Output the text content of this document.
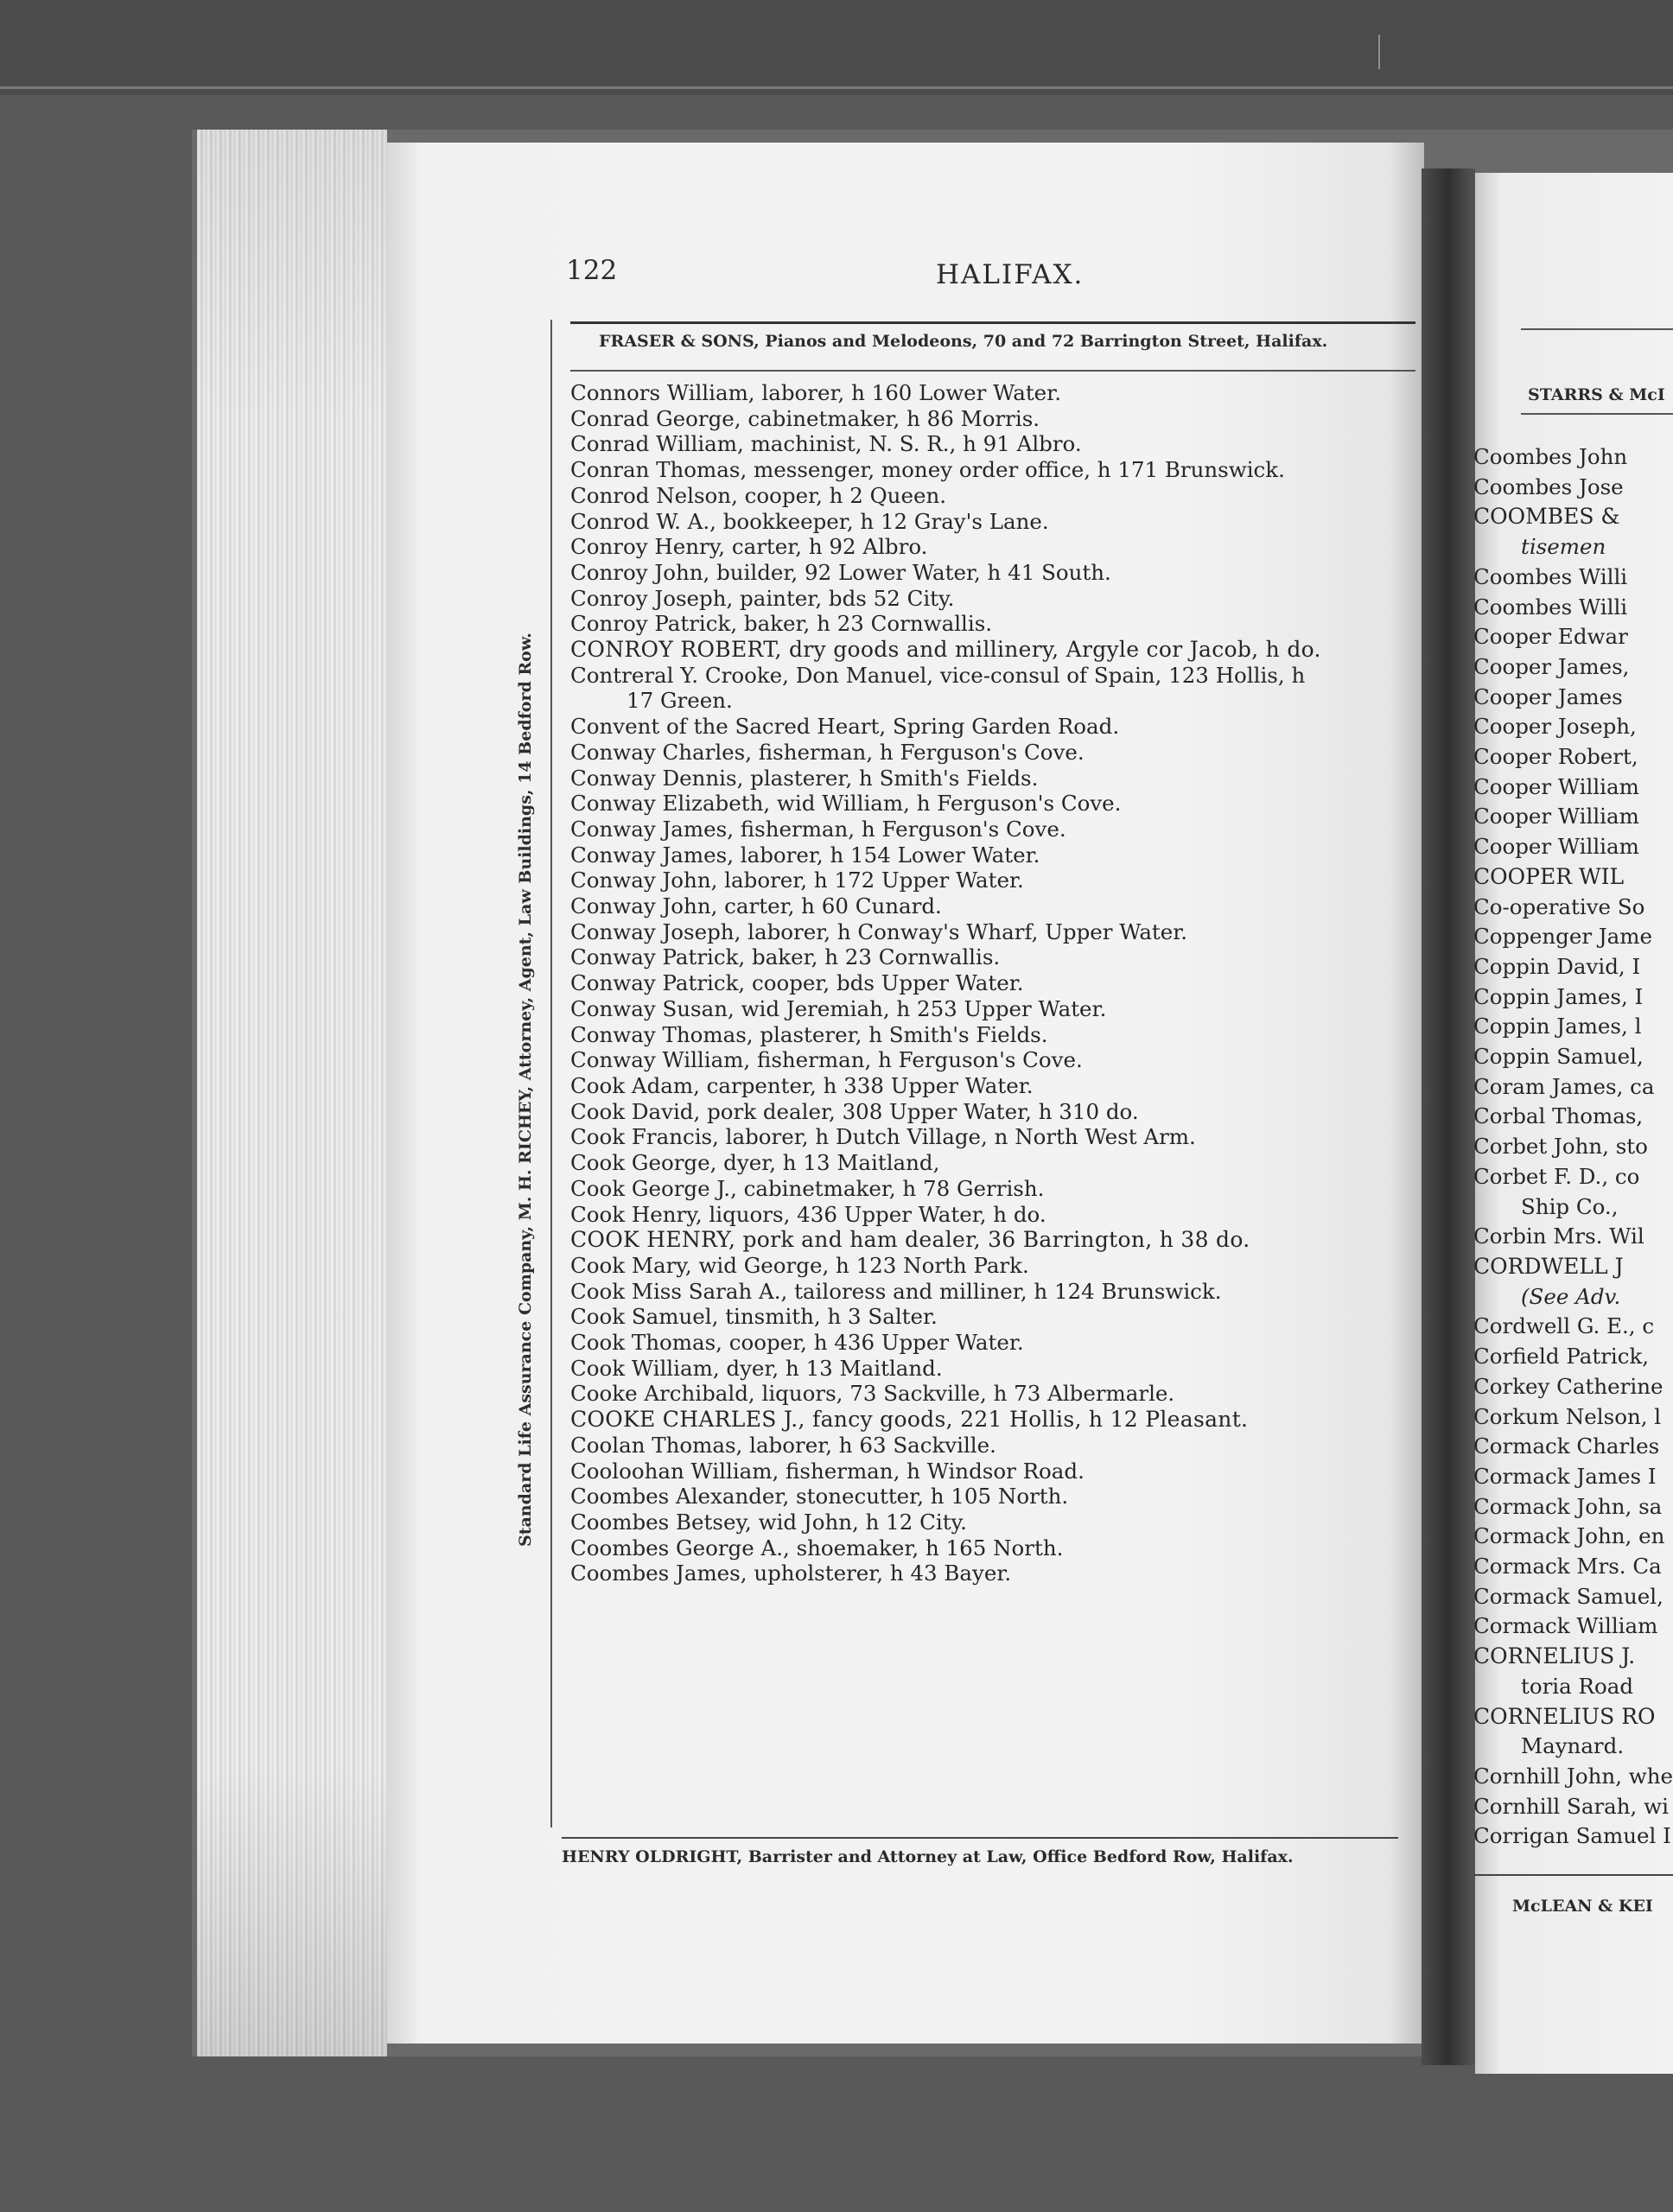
122	HALIFAX.
FRASER & SONS, Pianos and Melodeons, 70 and 72 Barrington Street, Halifax.
Standard Life Assurance Company, M. H. RICHEY, Attorney, Agent, Law Buildings, 14 Bedford Row.
Connors William, laborer, h 160 Lower Water.
Conrad George, cabinetmaker, h 86 Morris.
Conrad William, machinist, N. S. R., h 91 Albro.
Conran Thomas, messenger, money order office, h 171 Brunswick.
Conrod Nelson, cooper, h 2 Queen.
Conrod W. A., bookkeeper, h 12 Gray's Lane.
Conroy Henry, carter, h 92 Albro.
Conroy John, builder, 92 Lower Water, h 41 South.
Conroy Joseph, painter, bds 52 City.
Conroy Patrick, baker, h 23 Cornwallis.
CONROY ROBERT, dry goods and millinery, Argyle cor Jacob, h do.
Contreral Y. Crooke, Don Manuel, vice-consul of Spain, 123 Hollis, h
17 Green.
Convent of the Sacred Heart, Spring Garden Road.
Conway Charles, fisherman, h Ferguson's Cove.
Conway Dennis, plasterer, h Smith's Fields.
Conway Elizabeth, wid William, h Ferguson's Cove.
Conway James, fisherman, h Ferguson's Cove.
Conway James, laborer, h 154 Lower Water.
Conway John, laborer, h 172 Upper Water.
Conway John, carter, h 60 Cunard.
Conway Joseph, laborer, h Conway's Wharf, Upper Water.
Conway Patrick, baker, h 23 Cornwallis.
Conway Patrick, cooper, bds Upper Water.
Conway Susan, wid Jeremiah, h 253 Upper Water.
Conway Thomas, plasterer, h Smith's Fields.
Conway William, fisherman, h Ferguson's Cove.
Cook Adam, carpenter, h 338 Upper Water.
Cook David, pork dealer, 308 Upper Water, h 310 do.
Cook Francis, laborer, h Dutch Village, n North West Arm.
Cook George, dyer, h 13 Maitland,
Cook George J., cabinetmaker, h 78 Gerrish.
Cook Henry, liquors, 436 Upper Water, h do.
COOK HENRY, pork and ham dealer, 36 Barrington, h 38 do.
Cook Mary, wid George, h 123 North Park.
Cook Miss Sarah A., tailoress and milliner, h 124 Brunswick.
Cook Samuel, tinsmith, h 3 Salter.
Cook Thomas, cooper, h 436 Upper Water.
Cook William, dyer, h 13 Maitland.
Cooke Archibald, liquors, 73 Sackville, h 73 Albermarle.
COOKE CHARLES J., fancy goods, 221 Hollis, h 12 Pleasant.
Coolan Thomas, laborer, h 63 Sackville.
Cooloohan William, fisherman, h Windsor Road.
Coombes Alexander, stonecutter, h 105 North.
Coombes Betsey, wid John, h 12 City.
Coombes George A., shoemaker, h 165 North.
Coombes James, upholsterer, h 43 Bayer.
HENRY OLDRIGHT, Barrister and Attorney at Law, Office Bedford Row, Halifax.
STARRS & McI
Coombes John
Coombes Jose
COOMBES &
tisemen
Coombes Willi
Coombes Willi
Cooper Edwar
Cooper James,
Cooper James
Cooper Joseph,
Cooper Robert,
Cooper William
Cooper William
Cooper William
COOPER WIL
Co-operative So
Coppenger Jame
Coppin David, I
Coppin James, I
Coppin James, l
Coppin Samuel,
Coram James, ca
Corbal Thomas,
Corbet John, sto
Corbet F. D., co
Ship Co.,
Corbin Mrs. Wil
CORDWELL J
(See Adv.
Cordwell G. E., c
Corfield Patrick,
Corkey Catherine
Corkum Nelson, l
Cormack Charles
Cormack James I
Cormack John, sa
Cormack John, en
Cormack Mrs. Ca
Cormack Samuel,
Cormack William
CORNELIUS J.
toria Road
CORNELIUS RO
Maynard.
Cornhill John, whe
Cornhill Sarah, wi
Corrigan Samuel I
McLEAN & KEI
